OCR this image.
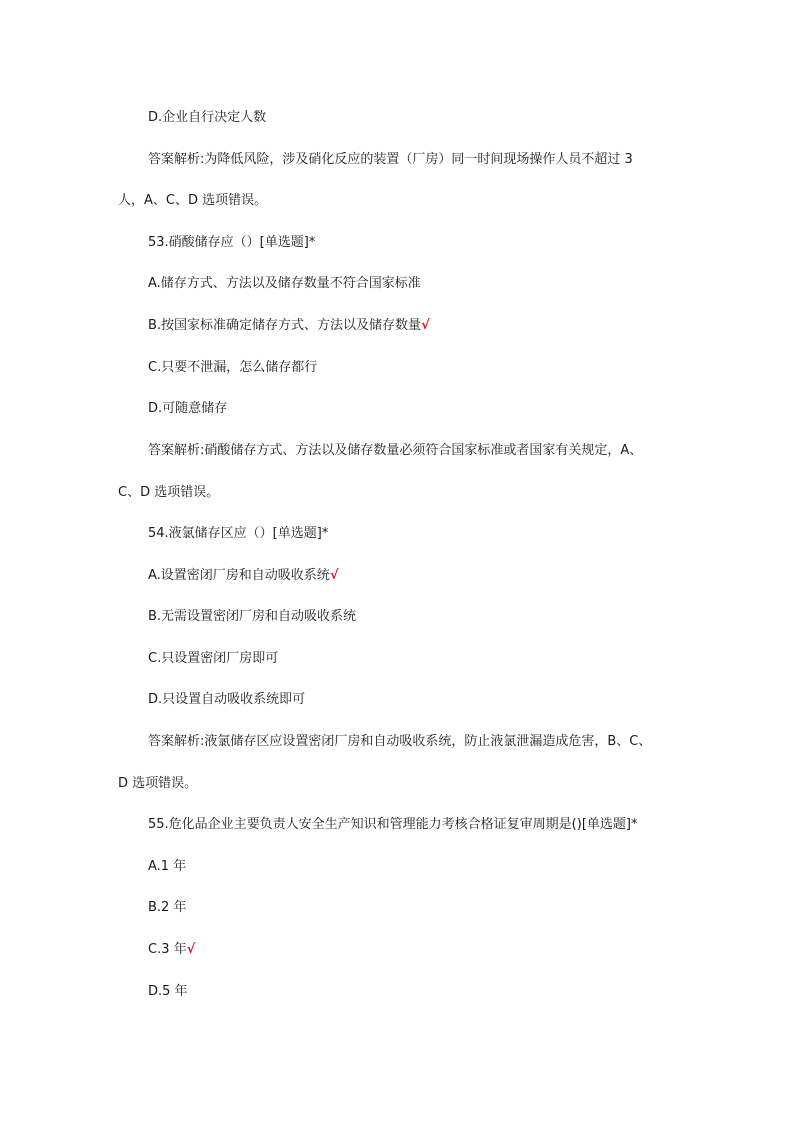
D.企业自行决定人数
答案解析:为降低风险，涉及硝化反应的装置（厂房）同一时间现场操作人员不超过 3
人，A、C、D 选项错误。
53.硝酸储存应（）[单选题]*
A.储存方式、方法以及储存数量不符合国家标准
B.按国家标准确定储存方式、方法以及储存数量√
C.只要不泄漏，怎么储存都行
D.可随意储存
答案解析:硝酸储存方式、方法以及储存数量必须符合国家标准或者国家有关规定，A、
C、D 选项错误。
54.液氯储存区应（）[单选题]*
A.设置密闭厂房和自动吸收系统√
B.无需设置密闭厂房和自动吸收系统
C.只设置密闭厂房即可
D.只设置自动吸收系统即可
答案解析:液氯储存区应设置密闭厂房和自动吸收系统，防止液氯泄漏造成危害，B、C、
D 选项错误。
55.危化品企业主要负责人安全生产知识和管理能力考核合格证复审周期是()[单选题]*
A.1 年
B.2 年
C.3 年√
D.5 年
